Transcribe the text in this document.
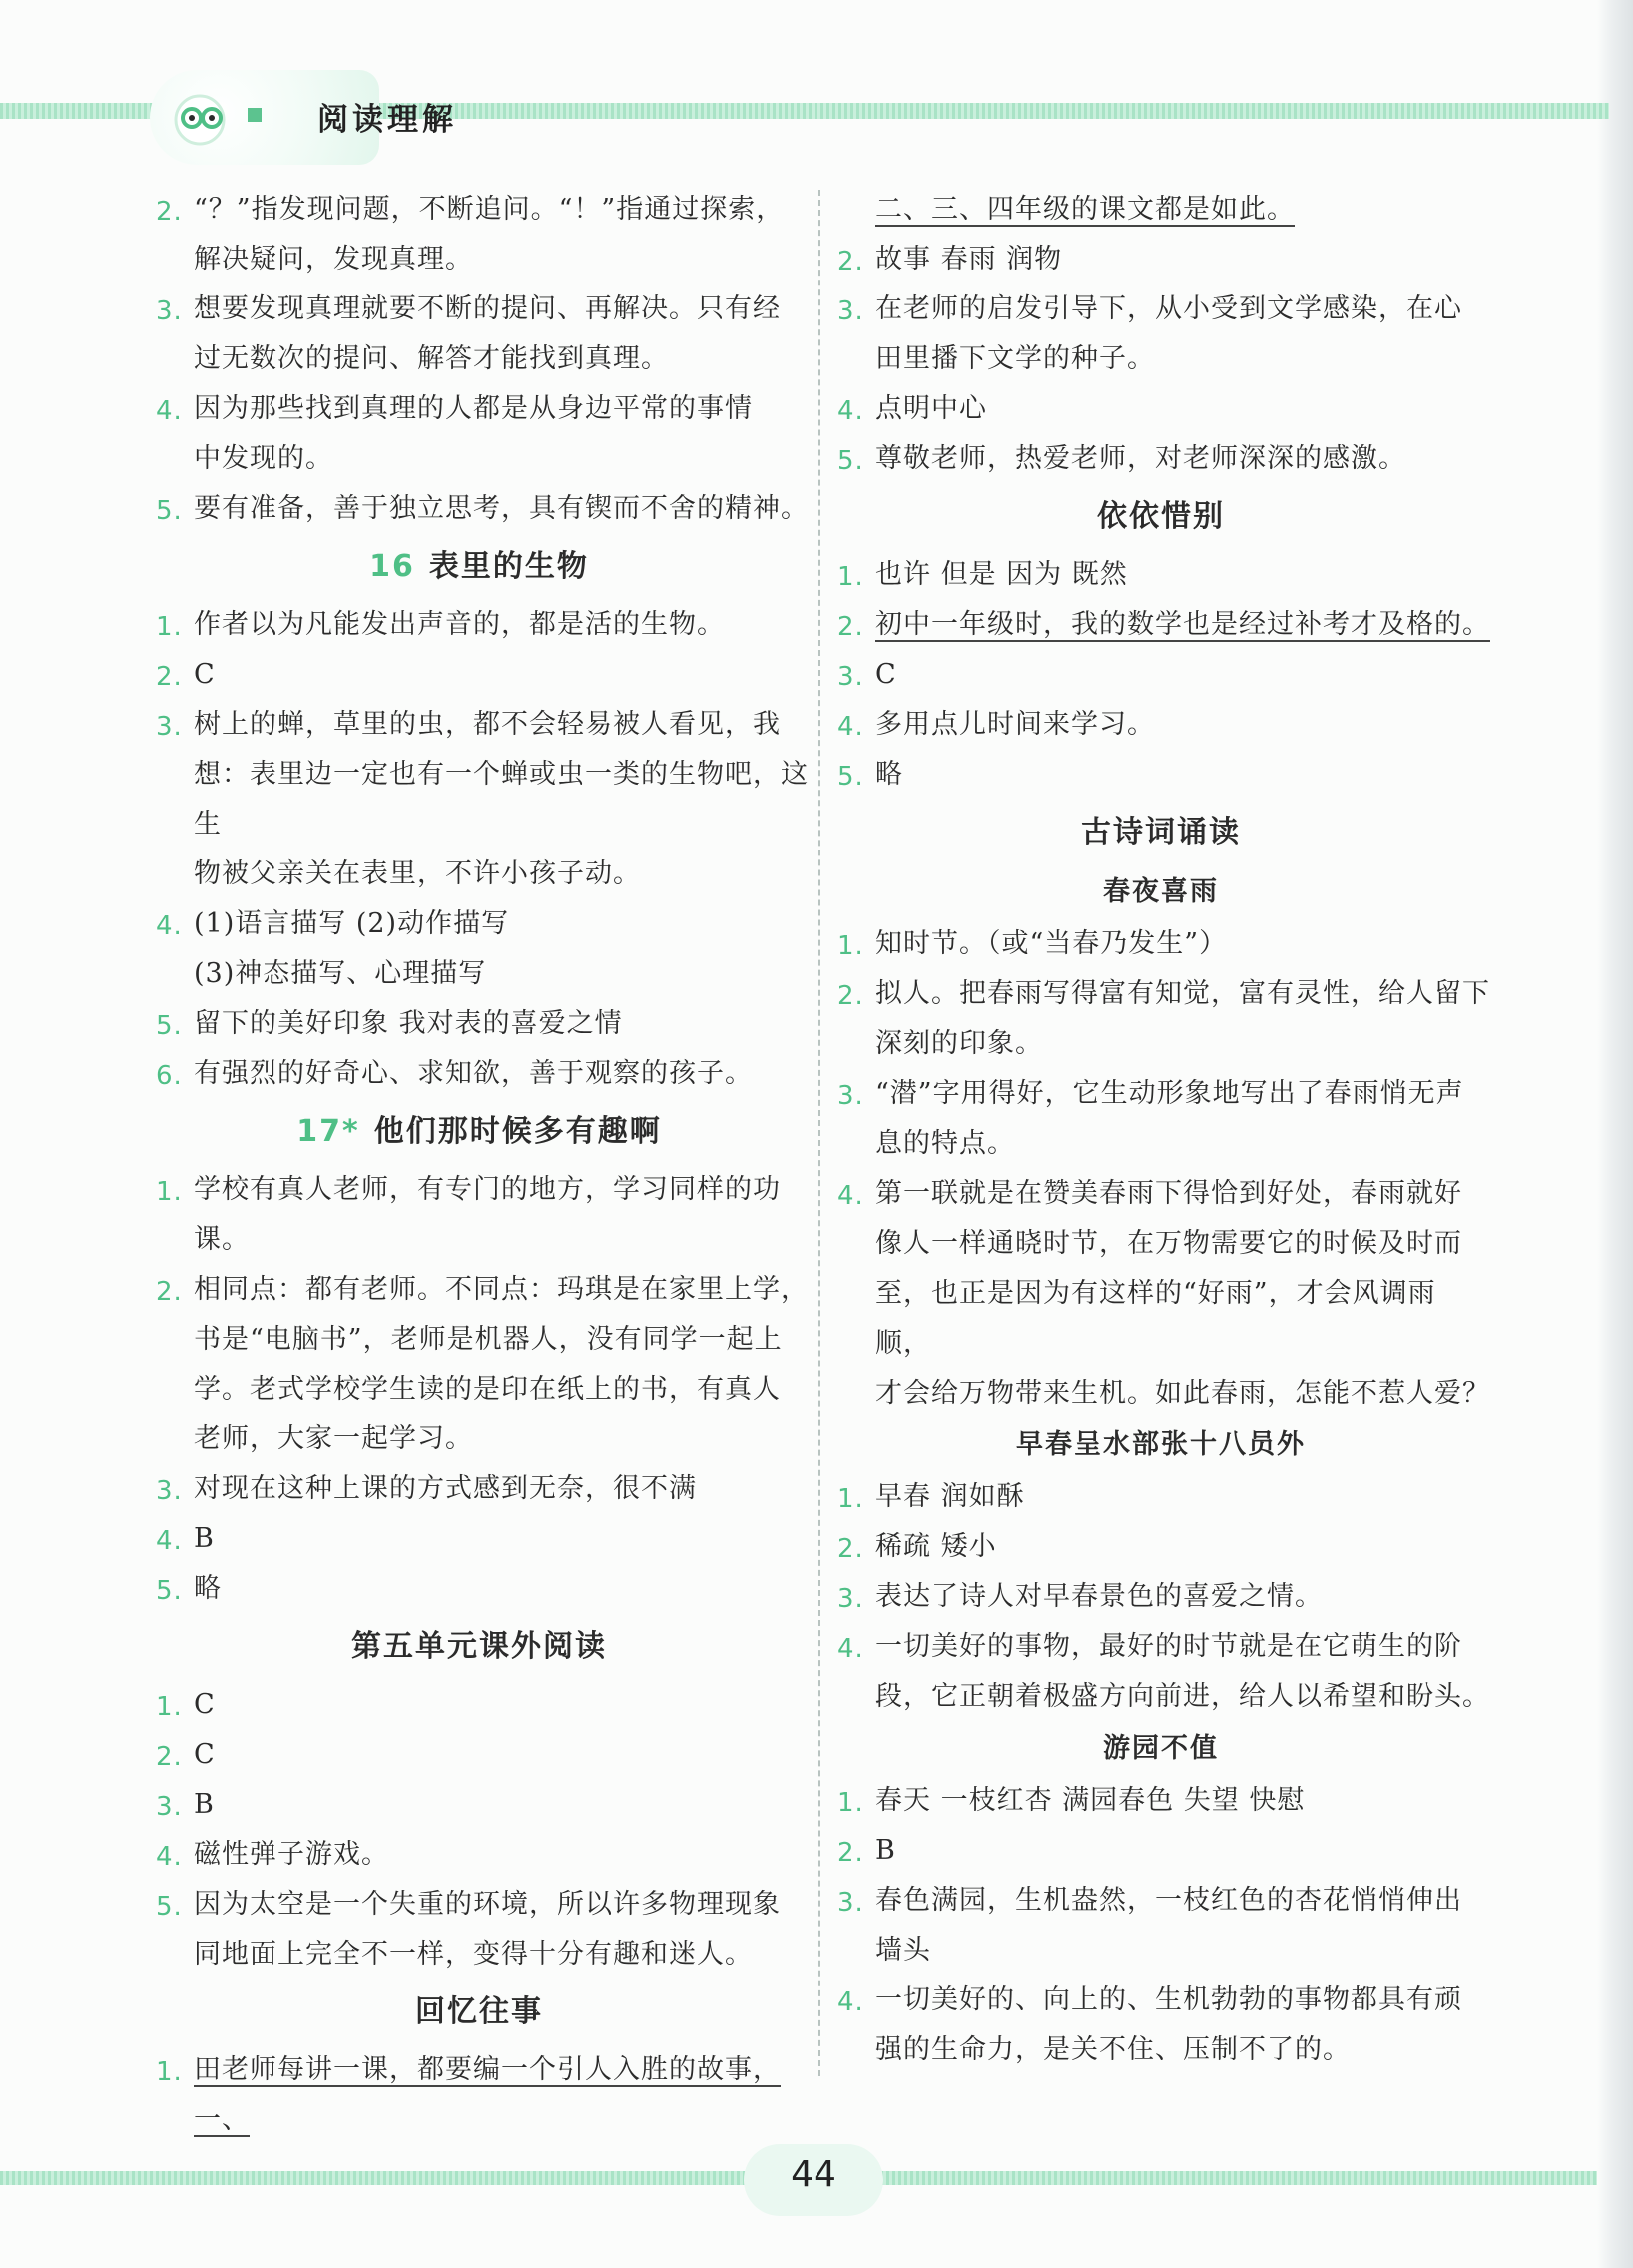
阅读理解
2. “？”指发现问题，不断追问。“！”指通过探索，
解决疑问，发现真理。
3. 想要发现真理就要不断的提问、再解决。只有经
过无数次的提问、解答才能找到真理。
4. 因为那些找到真理的人都是从身边平常的事情
中发现的。
5. 要有准备，善于独立思考，具有锲而不舍的精神。
16 表里的生物
1. 作者以为凡能发出声音的，都是活的生物。
2. C
3. 树上的蝉，草里的虫，都不会轻易被人看见，我
想：表里边一定也有一个蝉或虫一类的生物吧，这生
物被父亲关在表里，不许小孩子动。
4. (1)语言描写 (2)动作描写
(3)神态描写、心理描写
5. 留下的美好印象 我对表的喜爱之情
6. 有强烈的好奇心、求知欲，善于观察的孩子。
17* 他们那时候多有趣啊
1. 学校有真人老师，有专门的地方，学习同样的功课。
2. 相同点：都有老师。不同点：玛琪是在家里上学，
书是“电脑书”，老师是机器人，没有同学一起上
学。老式学校学生读的是印在纸上的书，有真人
老师，大家一起学习。
3. 对现在这种上课的方式感到无奈，很不满
4. B
5. 略
第五单元课外阅读
1. C
2. C
3. B
4. 磁性弹子游戏。
5. 因为太空是一个失重的环境，所以许多物理现象
同地面上完全不一样，变得十分有趣和迷人。
回忆往事
1. 田老师每讲一课，都要编一个引人入胜的故事，一、
二、三、四年级的课文都是如此。
2. 故事 春雨 润物
3. 在老师的启发引导下，从小受到文学感染，在心
田里播下文学的种子。
4. 点明中心
5. 尊敬老师，热爱老师，对老师深深的感激。
依依惜别
1. 也许 但是 因为 既然
2. 初中一年级时，我的数学也是经过补考才及格的。
3. C
4. 多用点儿时间来学习。
5. 略
古诗词诵读
春夜喜雨
1. 知时节。（或“当春乃发生”）
2. 拟人。把春雨写得富有知觉，富有灵性，给人留下
深刻的印象。
3. “潜”字用得好，它生动形象地写出了春雨悄无声
息的特点。
4. 第一联就是在赞美春雨下得恰到好处，春雨就好
像人一样通晓时节，在万物需要它的时候及时而
至，也正是因为有这样的“好雨”，才会风调雨顺，
才会给万物带来生机。如此春雨，怎能不惹人爱？
早春呈水部张十八员外
1. 早春 润如酥
2. 稀疏 矮小
3. 表达了诗人对早春景色的喜爱之情。
4. 一切美好的事物，最好的时节就是在它萌生的阶
段，它正朝着极盛方向前进，给人以希望和盼头。
游园不值
1. 春天 一枝红杏 满园春色 失望 快慰
2. B
3. 春色满园，生机盎然，一枝红色的杏花悄悄伸出
墙头
4. 一切美好的、向上的、生机勃勃的事物都具有顽
强的生命力，是关不住、压制不了的。
44
